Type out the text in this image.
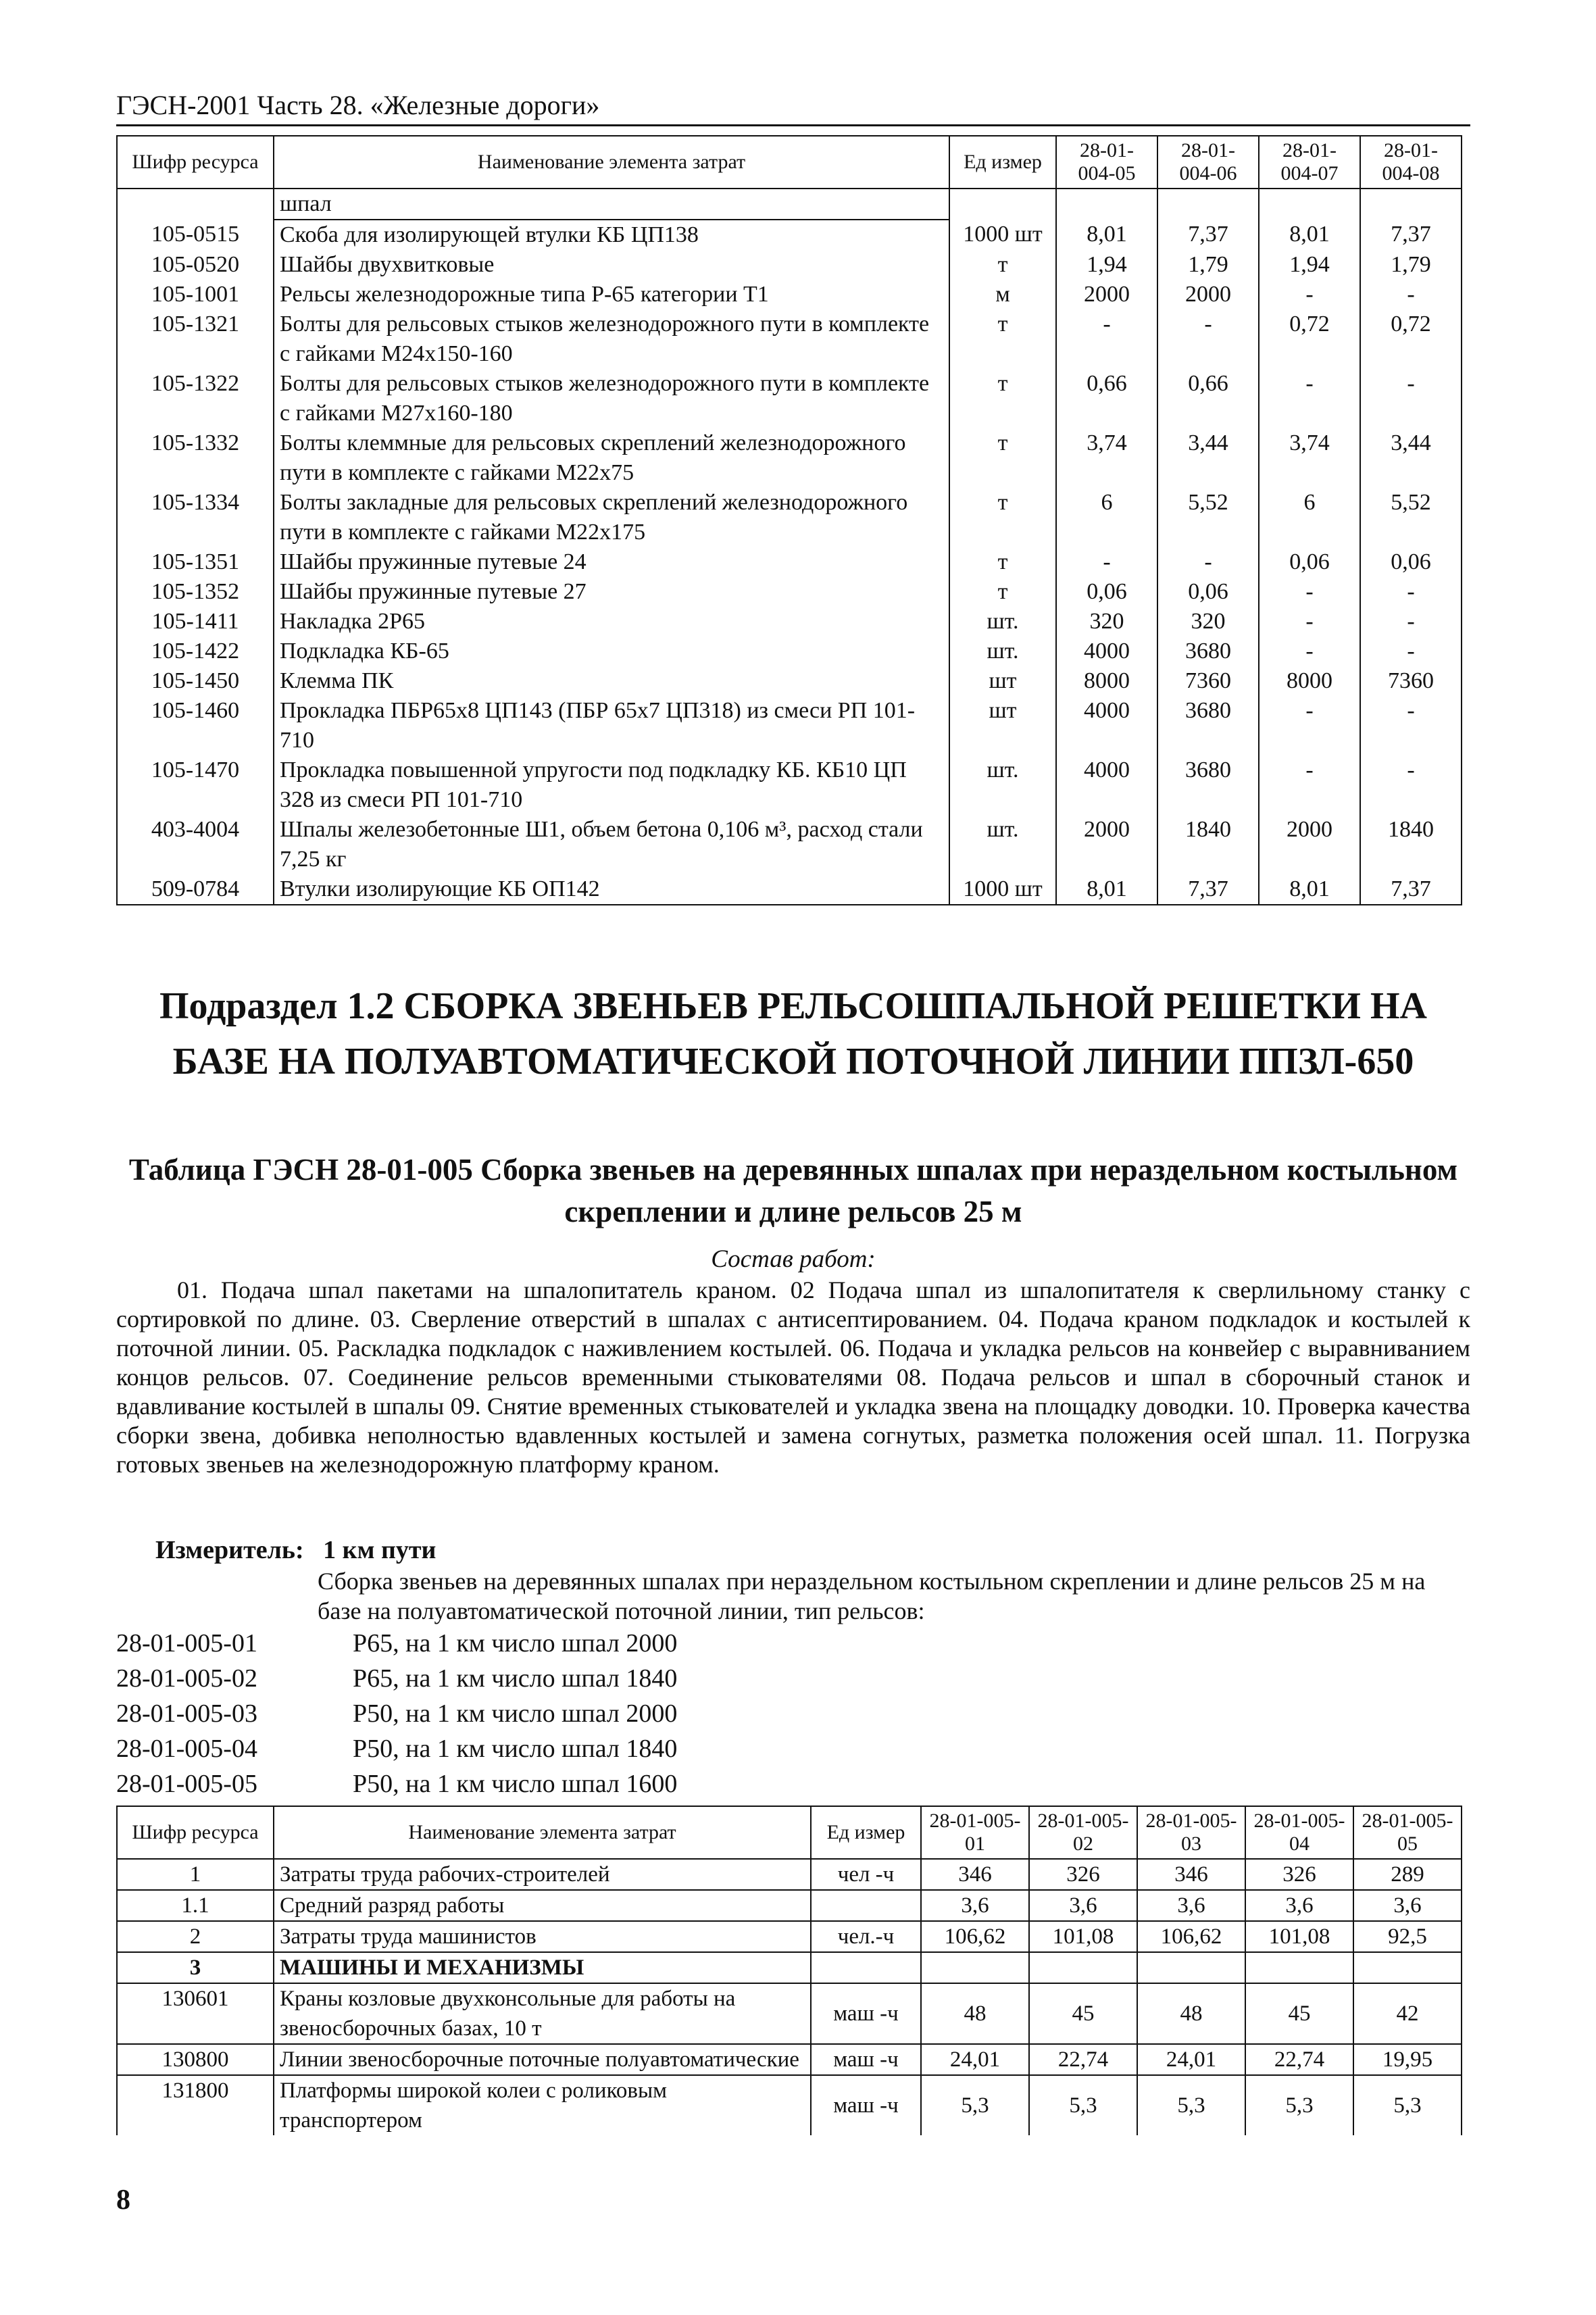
ГЭСН-2001 Часть 28. «Железные дороги»
Шифр ресурса	Наименование элемента затрат	Ед измер	28-01-004-05	28-01-004-06	28-01-004-07	28-01-004-08
	шпал					
105-0515	Скоба для изолирующей втулки КБ ЦП138	1000 шт	8,01	7,37	8,01	7,37
105-0520	Шайбы двухвитковые	т	1,94	1,79	1,94	1,79
105-1001	Рельсы железнодорожные типа Р-65 категории Т1	м	2000	2000	-	-
105-1321	Болты для рельсовых стыков железнодорожного пути в комплекте с гайками М24х150-160	т	-	-	0,72	0,72
105-1322	Болты для рельсовых стыков железнодорожного пути в комплекте с гайками М27х160-180	т	0,66	0,66	-	-
105-1332	Болты клеммные для рельсовых скреплений железнодорожного пути в комплекте с гайками М22х75	т	3,74	3,44	3,74	3,44
105-1334	Болты закладные для рельсовых скреплений железнодорожного пути в комплекте с гайками М22х175	т	6	5,52	6	5,52
105-1351	Шайбы пружинные путевые 24	т	-	-	0,06	0,06
105-1352	Шайбы пружинные путевые 27	т	0,06	0,06	-	-
105-1411	Накладка 2Р65	шт.	320	320	-	-
105-1422	Подкладка КБ-65	шт.	4000	3680	-	-
105-1450	Клемма ПК	шт	8000	7360	8000	7360
105-1460	Прокладка ПБР65х8 ЦП143 (ПБР 65х7 ЦП318) из смеси РП 101-710	шт	4000	3680	-	-
105-1470	Прокладка повышенной упругости под подкладку КБ. КБ10 ЦП 328 из смеси РП 101-710	шт.	4000	3680	-	-
403-4004	Шпалы железобетонные Ш1, объем бетона 0,106 м³, расход стали 7,25 кг	шт.	2000	1840	2000	1840
509-0784	Втулки изолирующие КБ ОП142	1000 шт	8,01	7,37	8,01	7,37
Подраздел 1.2 СБОРКА ЗВЕНЬЕВ РЕЛЬСОШПАЛЬНОЙ РЕШЕТКИ НА БАЗЕ НА ПОЛУАВТОМАТИЧЕСКОЙ ПОТОЧНОЙ ЛИНИИ ППЗЛ-650
Таблица ГЭСН 28-01-005 Сборка звеньев на деревянных шпалах при нераздельном костыльном скреплении и длине рельсов 25 м
Состав работ:
01. Подача шпал пакетами на шпалопитатель краном. 02 Подача шпал из шпалопитателя к сверлильному станку с сортировкой по длине. 03. Сверление отверстий в шпалах с антисептированием. 04. Подача краном подкладок и костылей к поточной линии. 05. Раскладка подкладок с наживлением костылей. 06. Подача и укладка рельсов на конвейер с выравниванием концов рельсов. 07. Соединение рельсов временными стыкователями 08. Подача рельсов и шпал в сборочный станок и вдавливание костылей в шпалы 09. Снятие временных стыкователей и укладка звена на площадку доводки. 10. Проверка качества сборки звена, добивка неполностью вдавленных костылей и замена согнутых, разметка положения осей шпал. 11. Погрузка готовых звеньев на железнодорожную платформу краном.
Измеритель: 1 км пути
Сборка звеньев на деревянных шпалах при нераздельном костыльном скреплении и длине рельсов 25 м на базе на полуавтоматической поточной линии, тип рельсов:
28-01-005-01	Р65, на 1 км число шпал 2000
28-01-005-02	Р65, на 1 км число шпал 1840
28-01-005-03	Р50, на 1 км число шпал 2000
28-01-005-04	Р50, на 1 км число шпал 1840
28-01-005-05	Р50, на 1 км число шпал 1600
Шифр ресурса	Наименование элемента затрат	Ед измер	28-01-005-01	28-01-005-02	28-01-005-03	28-01-005-04	28-01-005-05
1	Затраты труда рабочих-строителей	чел -ч	346	326	346	326	289
1.1	Средний разряд работы		3,6	3,6	3,6	3,6	3,6
2	Затраты труда машинистов	чел.-ч	106,62	101,08	106,62	101,08	92,5
3	МАШИНЫ И МЕХАНИЗМЫ						
130601	Краны козловые двухконсольные для работы на звеносборочных базах, 10 т	маш -ч	48	45	48	45	42
130800	Линии звеносборочные поточные полуавтоматические	маш -ч	24,01	22,74	24,01	22,74	19,95
131800	Платформы широкой колеи с роликовым транспортером	маш -ч	5,3	5,3	5,3	5,3	5,3
8
